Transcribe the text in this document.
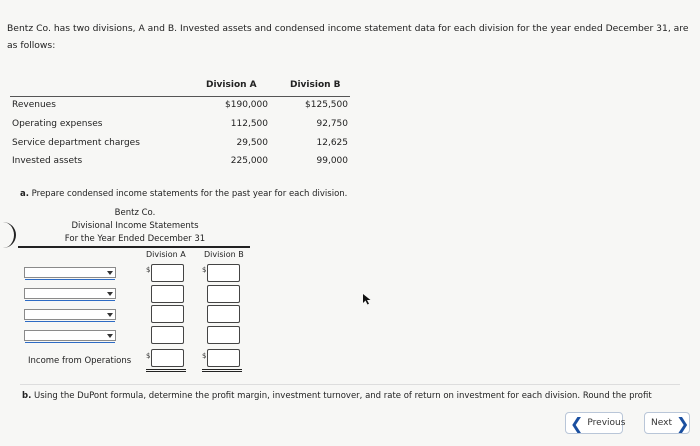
Bentz Co. has two divisions, A and B. Invested assets and condensed income statement data for each division for the year ended December 31, are as follows:
Division A	Division B
Revenues	$190,000	$125,500
Operating expenses	112,500	92,750
Service department charges	29,500	12,625
Invested assets	225,000	99,000
a. Prepare condensed income statements for the past year for each division.
Bentz Co.
Divisional Income Statements
For the Year Ended December 31
Division A Division B
$	$
Income from Operations $	$
b. Using the DuPont formula, determine the profit margin, investment turnover, and rate of return on investment for each division. Round the profit
❮ Previous	Next ❯
